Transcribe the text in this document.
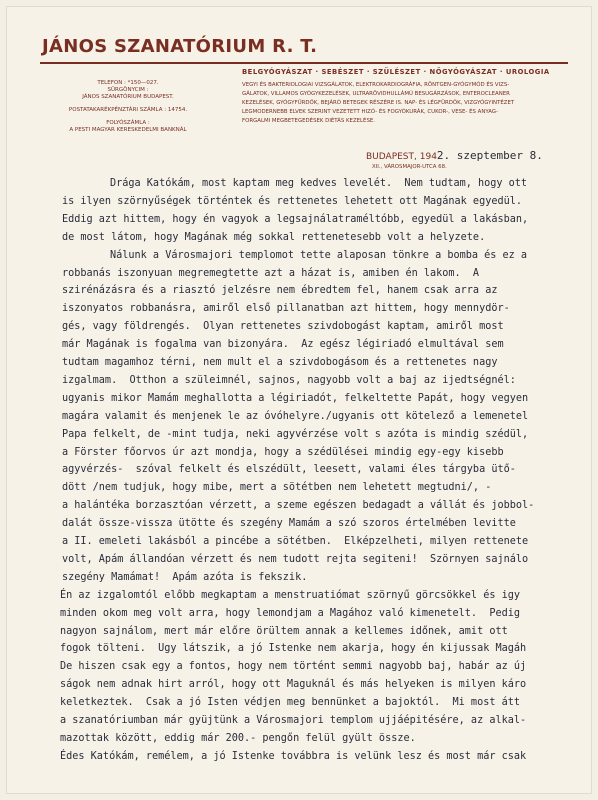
JÁNOS SZANATÓRIUM R. T.
TELEFON : *150—027.
SÜRGÖNYCIM :
JÁNOS SZANATÓRIUM BUDAPEST.
POSTATAKARÉKPÉNZTÁRI SZÁMLA : 14754.
FOLYÓSZÁMLA :
A PESTI MAGYAR KERESKEDELMI BANKNÁL
BELGYÓGYÁSZAT · SEBÉSZET · SZÜLÉSZET · NŐGYÓGYÁSZAT · UROLOGIA
VEGYI ÉS BAKTERIOLOGIAI VIZSGÁLATOK, ELEKTROKARDIOGRÁFIA, RÖNTGEN-GYÓGYMÓD ÉS VIZS-
GÁLATOK, VILLAMOS GYÓGYKEZELÉSEK, ULTRARÖVIDHULLÁMÚ BESUGÁRZÁSOK, ENTEROCLEANER
KEZELÉSEK, GYÓGYFÜRDŐK, BEJÁRÓ BETEGEK RÉSZÉRE IS. NAP- ÉS LÉGFÜRDŐK, VIZGYÓGYINTÉZET
LEGMODERNEBB ELVEK SZERINT VEZETETT HIZÓ- ÉS FOGYÓKURÁK, CUKOR-, VESE- ÉS ANYAG-
FORGALMI MEGBETEGEDÉSEK DIÉTÁS KEZELÉSE.
BUDAPEST, 1942. szeptember 8.
XII., VÁROSMAJOR-UTCA 68.
Drága Katókám, most kaptam meg kedves levelét.  Nem tudtam, hogy ott
is ilyen szörnyűségek történtek és rettenetes lehetett ott Magának egyedül.
Eddig azt hittem, hogy én vagyok a legsajnálatraméltóbb, egyedül a lakásban,
de most látom, hogy Magának még sokkal rettenetesebb volt a helyzete.
Nálunk a Városmajori templomot tette alaposan tönkre a bomba és ez a
robbanás iszonyuan megremegtette azt a házat is, amiben én lakom.  A
szirénázásra és a riasztó jelzésre nem ébredtem fel, hanem csak arra az
iszonyatos robbanásra, amiről első pillanatban azt hittem, hogy mennydör-
gés, vagy földrengés.  Olyan rettenetes szivdobogást kaptam, amiről most
már Magának is fogalma van bizonyára.  Az egész légiriadó elmultával sem
tudtam magamhoz térni, nem mult el a szivdobogásom és a rettenetes nagy
izgalmam.  Otthon a szüleimnél, sajnos, nagyobb volt a baj az ijedtségnél:
ugyanis mikor Mamám meghallotta a légiriadót, felkeltette Papát, hogy vegyen
magára valamit és menjenek le az óvóhelyre./ugyanis ott kötelező a lemenetel
Papa felkelt, de -mint tudja, neki agyvérzése volt s azóta is mindig szédül,
a Förster főorvos úr azt mondja, hogy a szédülései mindig egy-egy kisebb
agyvérzés-  szóval felkelt és elszédült, leesett, valami éles tárgyba ütő-
dött /nem tudjuk, hogy mibe, mert a sötétben nem lehetett megtudni/, -
a halántéka borzasztóan vérzett, a szeme egészen bedagadt a vállát és jobbol-
dalát össze-vissza ütötte és szegény Mamám a szó szoros értelmében levitte
a II. emeleti lakásból a pincébe a sötétben.  Elképzelheti, milyen rettenete
volt, Apám állandóan vérzett és nem tudott rejta segiteni!  Szörnyen sajnálo
szegény Mamámat!  Apám azóta is fekszik.
Én az izgalomtól előbb megkaptam a menstruatiómat szörnyű görcsökkel és igy
minden okom meg volt arra, hogy lemondjam a Magához való kimenetelt.  Pedig
nagyon sajnálom, mert már előre örültem annak a kellemes időnek, amit ott
fogok tölteni.  Ugy látszik, a jó Istenke nem akarja, hogy én kijussak Magáh
De hiszen csak egy a fontos, hogy nem történt semmi nagyobb baj, habár az új
ságok nem adnak hirt arról, hogy ott Maguknál és más helyeken is milyen káro
keletkeztek.  Csak a jó Isten védjen meg bennünket a bajoktól.  Mi most átt
a szanatóriumban már gyüjtünk a Városmajori templom ujjáépitésére, az alkal-
mazottak között, eddig már 200.- pengőn felül gyült össze.
Édes Katókám, remélem, a jó Istenke továbbra is velünk lesz és most már csak
